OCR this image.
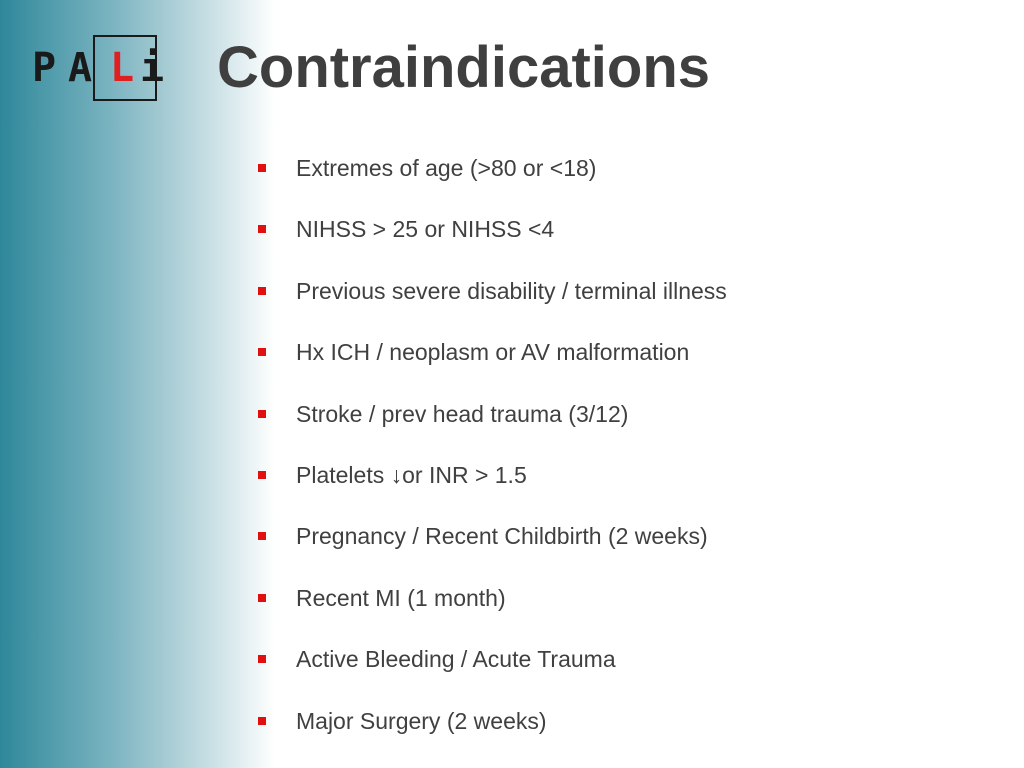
P A L i Contraindications
Extremes of age (>80 or <18)
NIHSS > 25 or NIHSS <4
Previous severe disability / terminal illness
Hx ICH / neoplasm or AV malformation
Stroke / prev head trauma (3/12)
Platelets ↓or INR > 1.5
Pregnancy / Recent Childbirth (2 weeks)
Recent MI (1 month)
Active Bleeding / Acute Trauma
Major Surgery (2 weeks)
